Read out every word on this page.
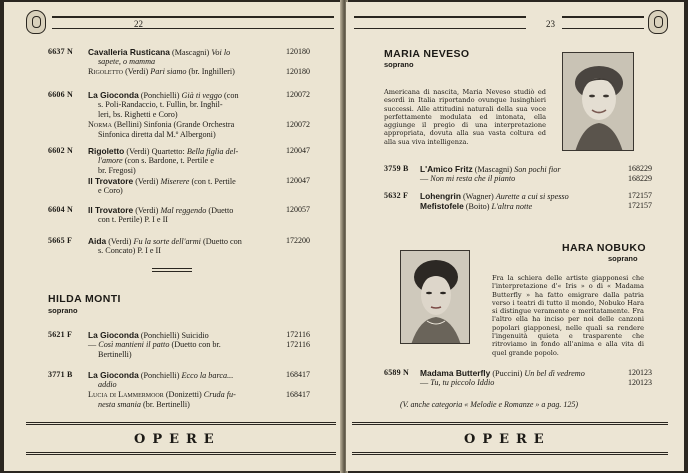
22
6637 N	Cavalleria Rusticana (Mascagni) Voi lo	120180
sapete, o mamma
Rigoletto (Verdi) Pari siamo (br. Inghilleri)	120180
6606 N	La Gioconda (Ponchielli) Già ti veggo (con	120072
s. Poli-Randaccio, t. Fullin, br. Inghil-
leri, bs. Righetti e Coro)
Norma (Bellini) Sinfonia (Grande Orchestra	120072
Sinfonica diretta dal M.º Albergoni)
6602 N	Rigoletto (Verdi) Quartetto: Bella figlia del-	120047
l'amore (con s. Bardone, t. Pertile e
br. Fregosi)
Il Trovatore (Verdi) Miserere (con t. Pertile	120047
e Coro)
6604 N	Il Trovatore (Verdi) Mal reggendo (Duetto	120057
con t. Pertile) P. I e II
5665 F	Aida (Verdi) Fu la sorte dell'armi (Duetto con	172200
s. Concato) P. I e II
HILDA MONTI
soprano
5621 F	La Gioconda (Ponchielli) Suicidio	172116
— Così mantieni il patto (Duetto con br.	172116
Bertinelli)
3771 B	La Gioconda (Ponchielli) Ecco la barca...	168417
addio
Lucia di Lammermoor (Donizetti) Cruda fu-	168417
nesta smania (br. Bertinelli)
OPERE
23
MARIA NEVESO
soprano
Americana di nascita, Maria Neveso studiò ed esordì in Italia riportando ovunque lusinghieri successi. Alle attitudini naturali della sua voce perfettamente modulata ed intonata, ella aggiunge il pregio di una interpretazione appropriata, dovuta alla sua vasta coltura ed alla sua viva intelligenza.
3759 B	L'Amico Fritz (Mascagni) Son pochi fior	168229
— Non mi resta che il pianto	168229
5632 F	Lohengrin (Wagner) Aurette a cui si spesso	172157
Mefistofele (Boito) L'altra notte	172157
HARA NOBUKO
soprano
Fra la schiera delle artiste giapponesi che l'interpretazione d'« Iris » o di « Madama Butterfly » ha fatto emigrare dalla patria verso i teatri di tutto il mondo, Nobuko Hara si distingue veramente e meritatamente. Fra l'altro ella ha inciso per noi delle canzoni popolari giapponesi, nelle quali sa rendere l'ingenuità quieta e trasparente che ritroviamo in fondo all'anima e alla vita di quel grande popolo.
6589 N	Madama Butterfly (Puccini) Un bel dì vedremo	120123
— Tu, tu piccolo Iddio	120123
(V. anche categoria « Melodie e Romanze » a pag. 125)
OPERE
